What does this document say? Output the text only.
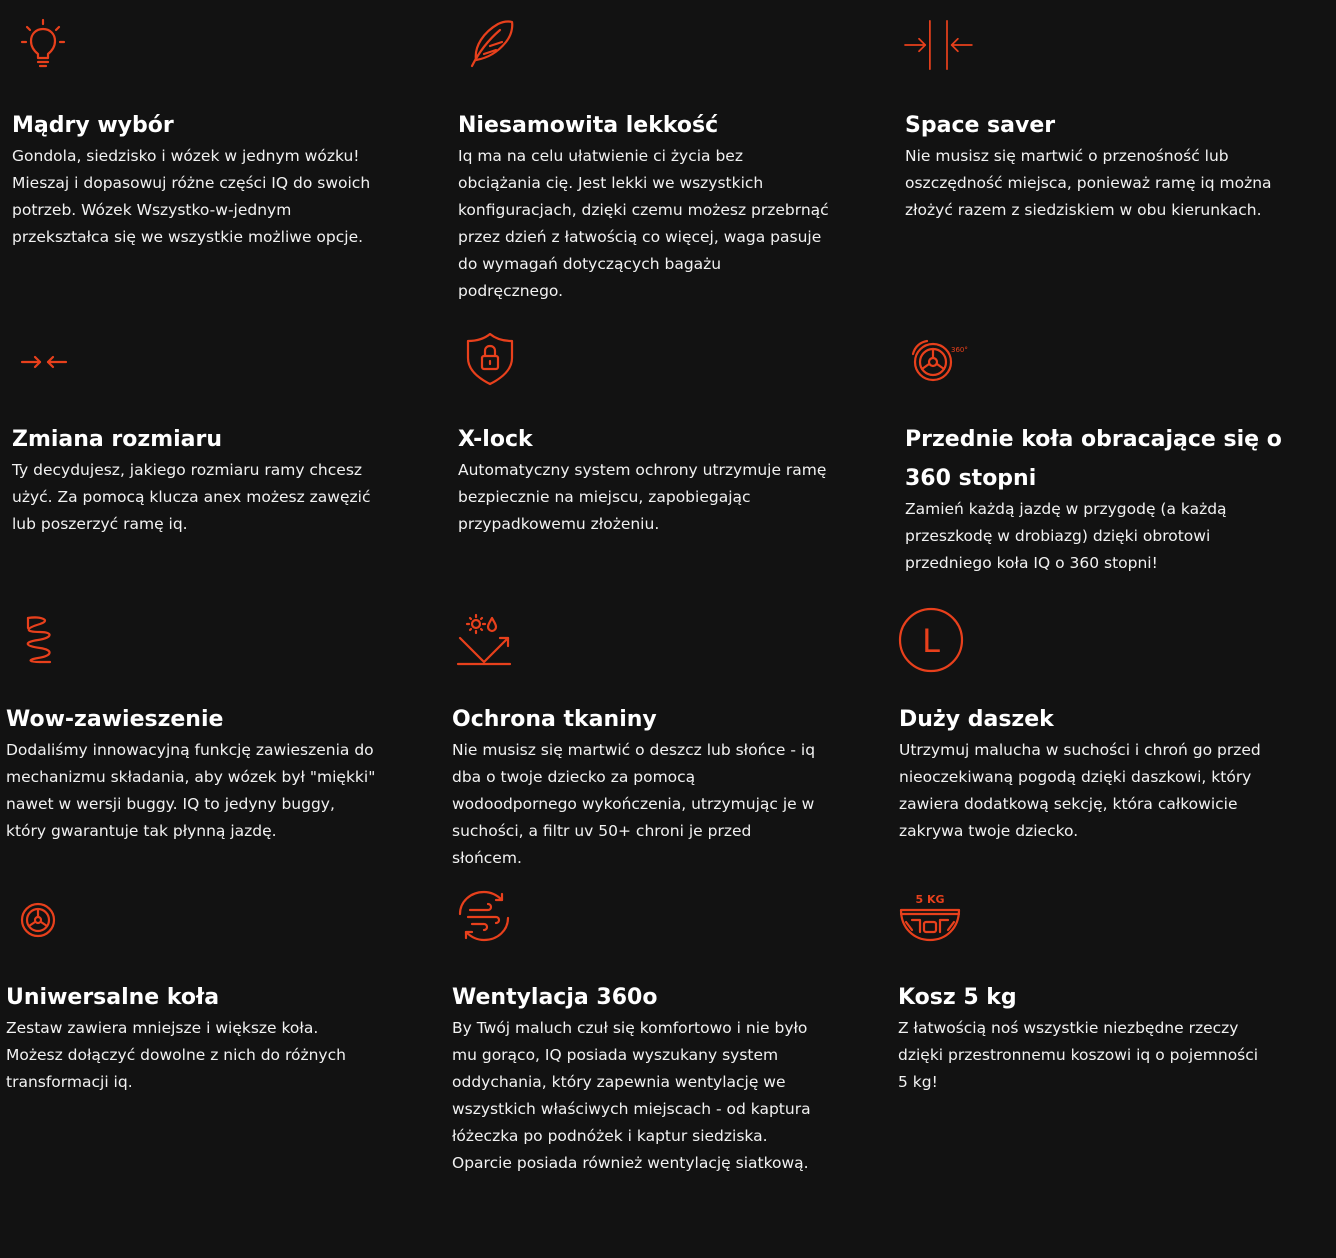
Mądry wybór

Gondola, siedzisko i wózek w jednym wózku! Mieszaj i dopasowuj różne części IQ do swoich potrzeb. Wózek Wszystko-w-jednym przekształca się we wszystkie możliwe opcje.

Niesamowita lekkość

Iq ma na celu ułatwienie ci życia bez obciążania cię. Jest lekki we wszystkich konfiguracjach, dzięki czemu możesz przebrnąć przez dzień z łatwością co więcej, waga pasuje do wymagań dotyczących bagażu podręcznego.

Space saver

Nie musisz się martwić o przenośność lub oszczędność miejsca, ponieważ ramę iq można złożyć razem z siedziskiem w obu kierunkach.

Zmiana rozmiaru

Ty decydujesz, jakiego rozmiaru ramy chcesz użyć. Za pomocą klucza anex możesz zawęzić lub poszerzyć ramę iq.

X-lock

Automatyczny system ochrony utrzymuje ramę bezpiecznie na miejscu, zapobiegając przypadkowemu złożeniu.

360°
Przednie koła obracające się o 360 stopni

Zamień każdą jazdę w przygodę (a każdą przeszkodę w drobiazg) dzięki obrotowi przedniego koła IQ o 360 stopni!

Wow-zawieszenie

Dodaliśmy innowacyjną funkcję zawieszenia do mechanizmu składania, aby wózek był "miękki" nawet w wersji buggy. IQ to jedyny buggy, który gwarantuje tak płynną jazdę.

Ochrona tkaniny

Nie musisz się martwić o deszcz lub słońce - iq dba o twoje dziecko za pomocą wodoodpornego wykończenia, utrzymując je w suchości, a filtr uv 50+ chroni je przed słońcem.

L
Duży daszek

Utrzymuj malucha w suchości i chroń go przed nieoczekiwaną pogodą dzięki daszkowi, który zawiera dodatkową sekcję, która całkowicie zakrywa twoje dziecko.

Uniwersalne koła

Zestaw zawiera mniejsze i większe koła. Możesz dołączyć dowolne z nich do różnych transformacji iq.

Wentylacja 360o

By Twój maluch czuł się komfortowo i nie było mu gorąco, IQ posiada wyszukany system oddychania, który zapewnia wentylację we wszystkich właściwych miejscach - od kaptura łóżeczka po podnóżek i kaptur siedziska. Oparcie posiada również wentylację siatkową.

5 KG
Kosz 5 kg

Z łatwością noś wszystkie niezbędne rzeczy dzięki przestronnemu koszowi iq o pojemności 5 kg!
